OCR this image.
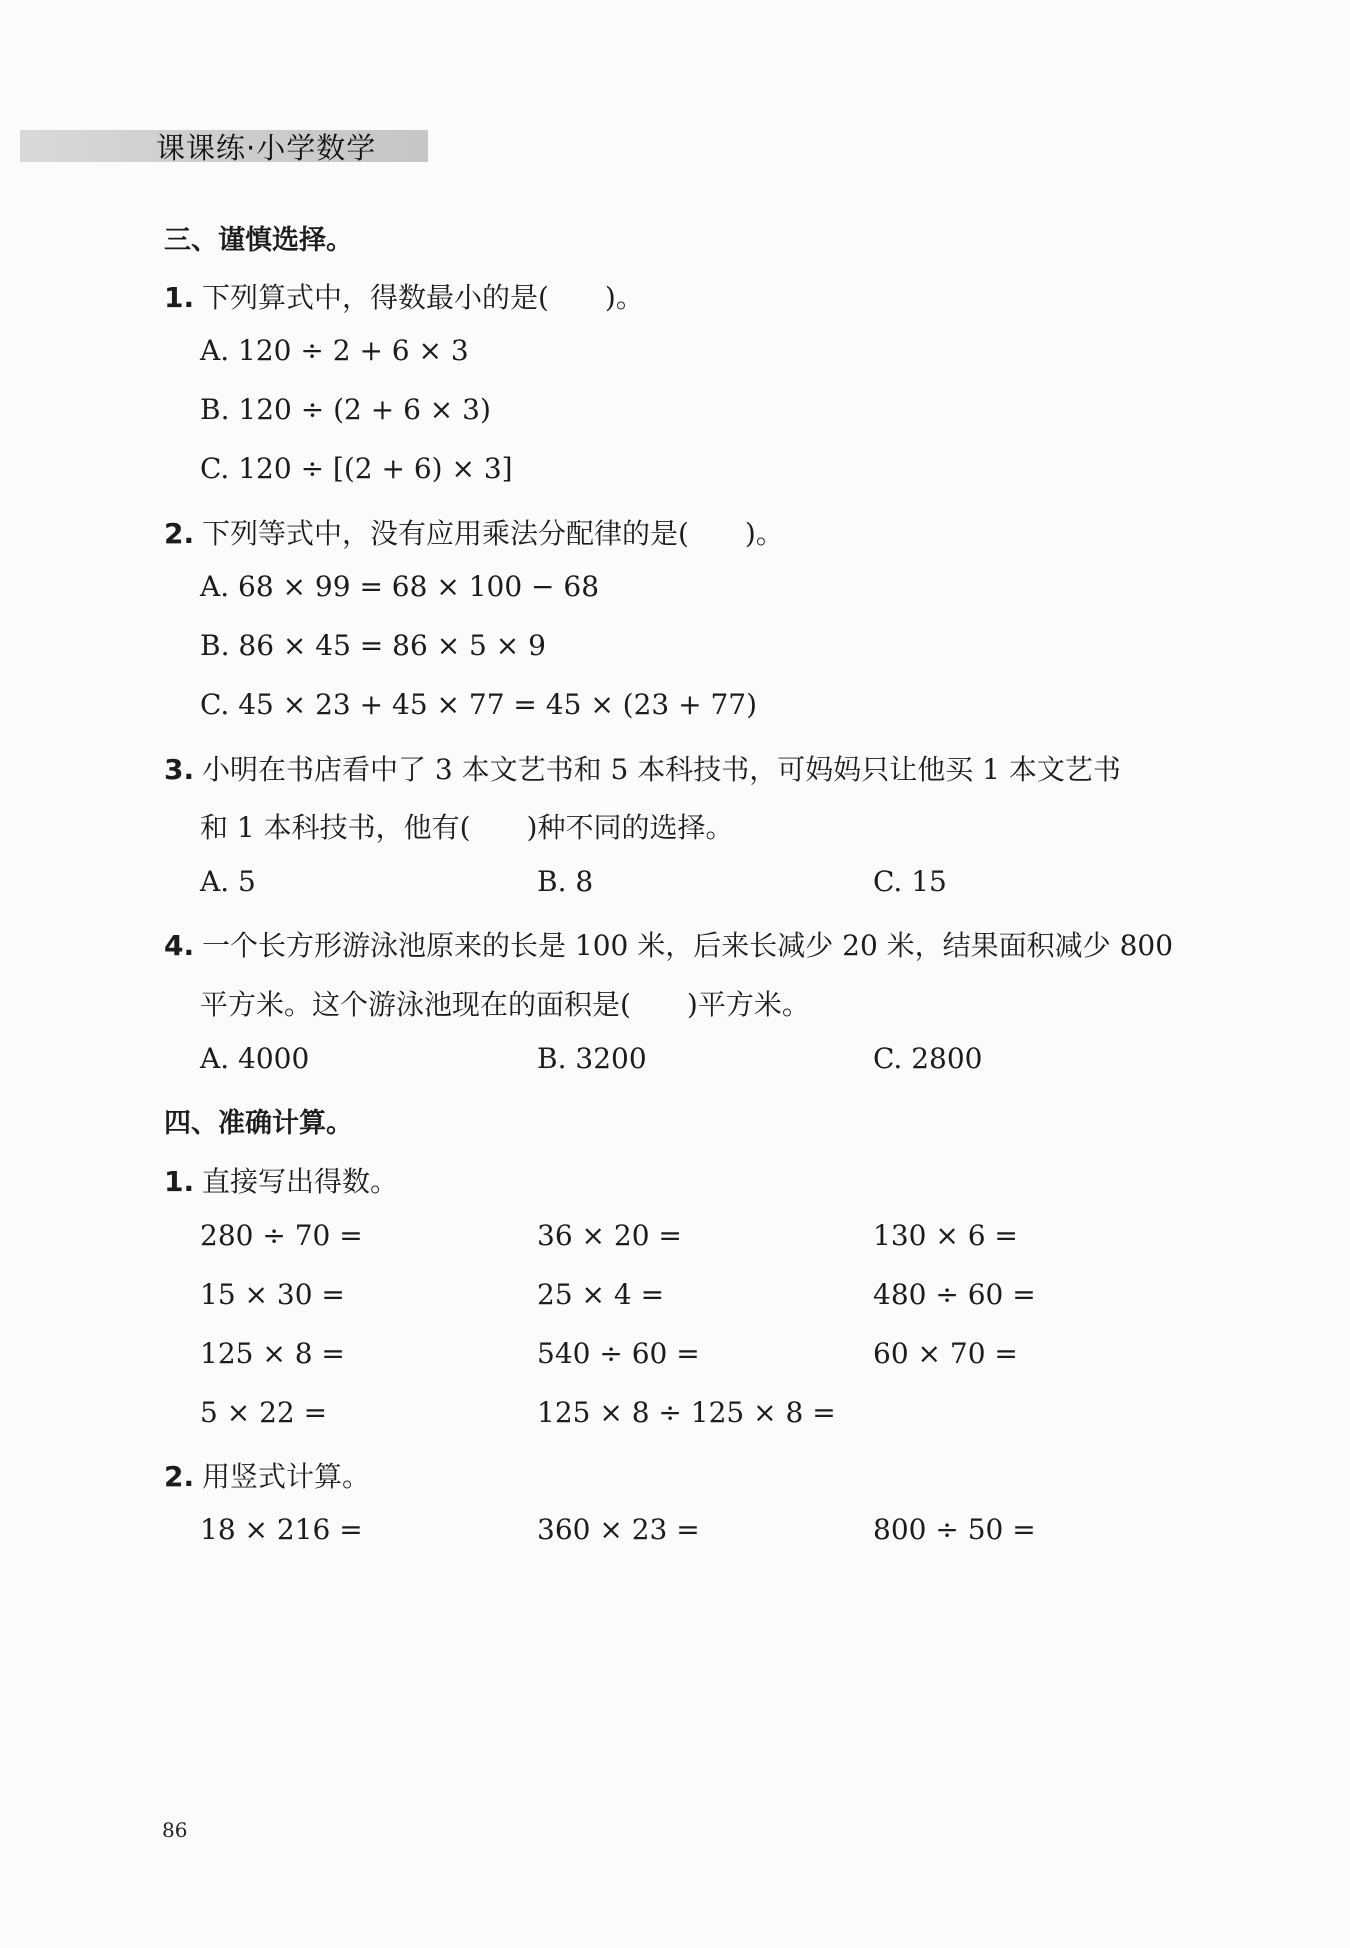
课课练·小学数学
三、谨慎选择。
1. 下列算式中，得数最小的是(　　)。
A. 120 ÷ 2 + 6 × 3
B. 120 ÷ (2 + 6 × 3)
C. 120 ÷ [(2 + 6) × 3]
2. 下列等式中，没有应用乘法分配律的是(　　)。
A. 68 × 99 = 68 × 100 − 68
B. 86 × 45 = 86 × 5 × 9
C. 45 × 23 + 45 × 77 = 45 × (23 + 77)
3. 小明在书店看中了 3 本文艺书和 5 本科技书，可妈妈只让他买 1 本文艺书
和 1 本科技书，他有(　　)种不同的选择。
A. 5	B. 8	C. 15
4. 一个长方形游泳池原来的长是 100 米，后来长减少 20 米，结果面积减少 800
平方米。这个游泳池现在的面积是(　　)平方米。
A. 4000	B. 3200	C. 2800
四、准确计算。
1. 直接写出得数。
280 ÷ 70 =	36 × 20 =	130 × 6 =
15 × 30 =	25 × 4 =	480 ÷ 60 =
125 × 8 =	540 ÷ 60 =	60 × 70 =
5 × 22 =	125 × 8 ÷ 125 × 8 =
2. 用竖式计算。
18 × 216 =	360 × 23 =	800 ÷ 50 =
86
